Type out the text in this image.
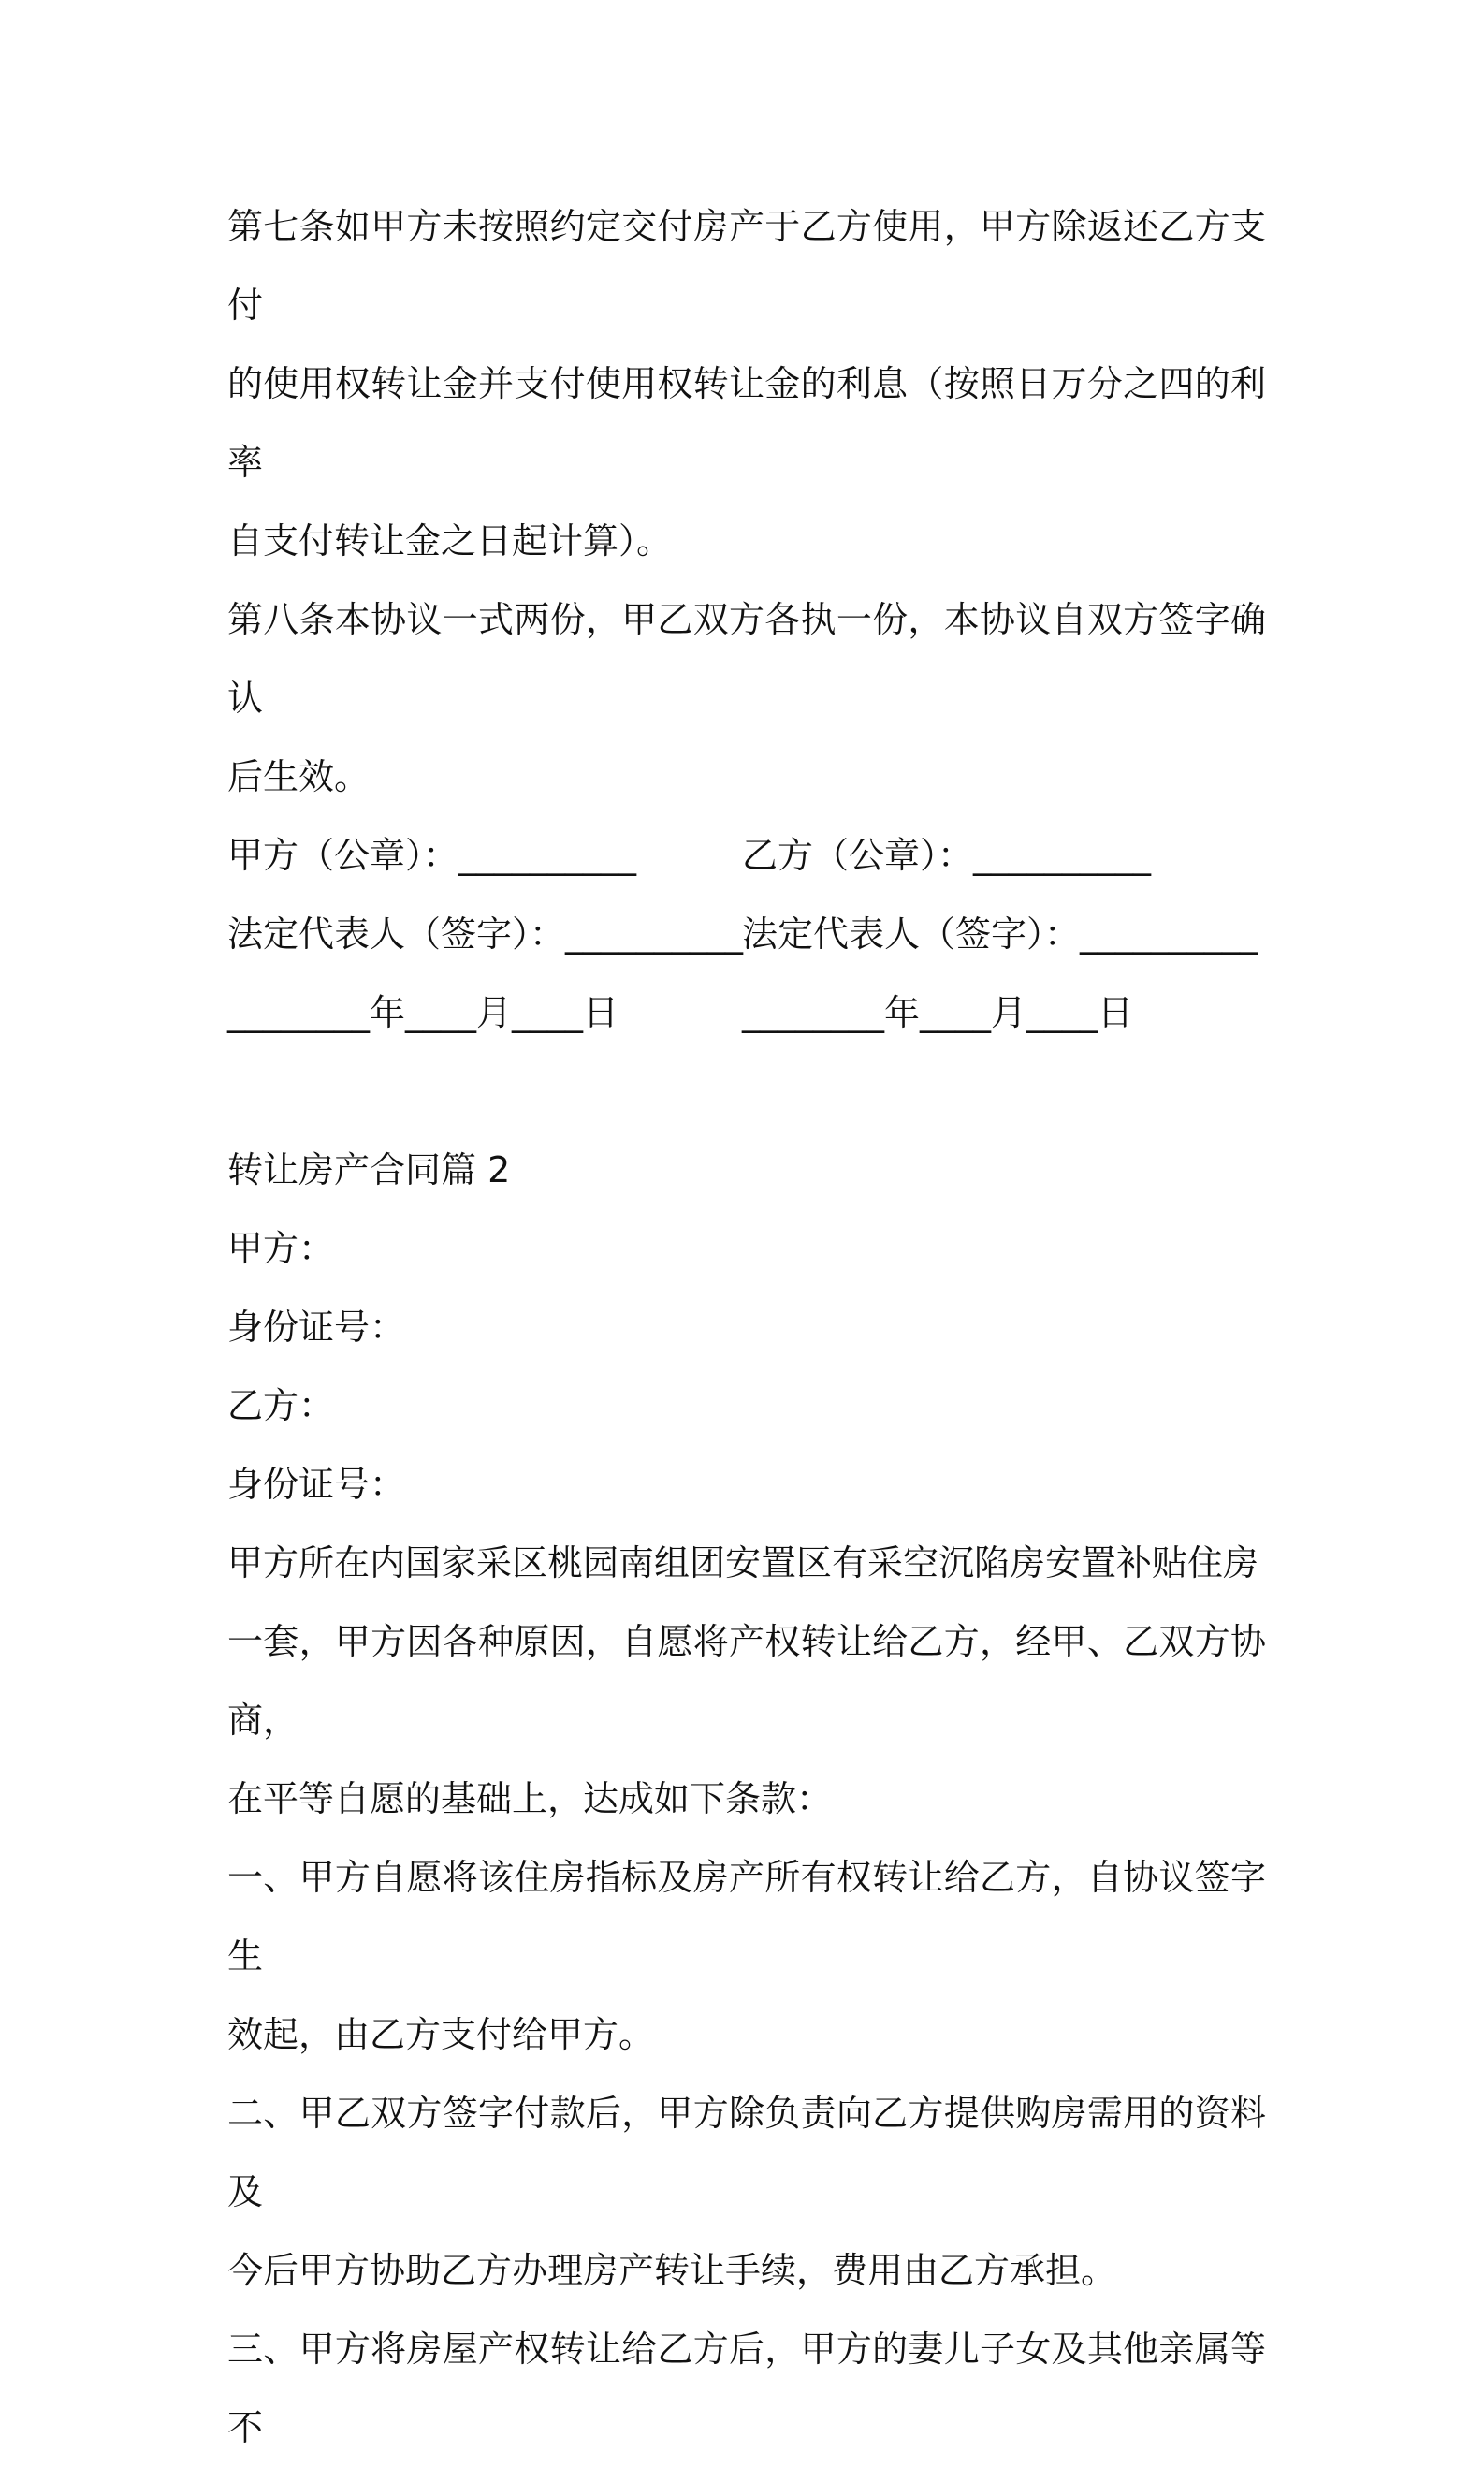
第七条如甲方未按照约定交付房产于乙方使用，甲方除返还乙方支付

的使用权转让金并支付使用权转让金的利息（按照日万分之四的利率

自支付转让金之日起计算）。

第八条本协议一式两份，甲乙双方各执一份，本协议自双方签字确认

后生效。

甲方（公章）：__________	乙方（公章）：__________
法定代表人（签字）：__________
法定代表人（签字）：__________
________年____月____日	________年____月____日

转让房产合同篇 2

甲方：

身份证号：

乙方：

身份证号：

甲方所在内国家采区桃园南组团安置区有采空沉陷房安置补贴住房

一套，甲方因各种原因，自愿将产权转让给乙方，经甲、乙双方协商，

在平等自愿的基础上，达成如下条款：

一、甲方自愿将该住房指标及房产所有权转让给乙方，自协议签字生

效起，由乙方支付给甲方。

二、甲乙双方签字付款后，甲方除负责向乙方提供购房需用的资料及

今后甲方协助乙方办理房产转让手续，费用由乙方承担。

三、甲方将房屋产权转让给乙方后，甲方的妻儿子女及其他亲属等不
